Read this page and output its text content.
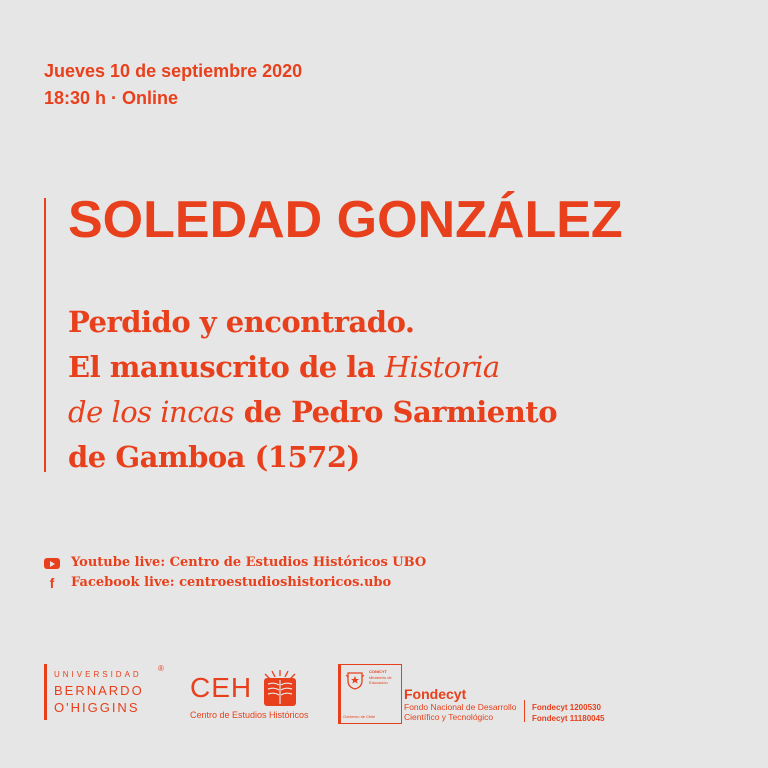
Jueves 10 de septiembre 2020
18:30 h · Online
SOLEDAD GONZÁLEZ
Perdido y encontrado.
El manuscrito de la Historia
de los incas de Pedro Sarmiento
de Gamboa (1572)
Youtube live: Centro de Estudios Históricos UBO
f	Facebook live: centroestudioshistoricos.ubo
UNIVERSIDAD
BERNARDO
O'HIGGINS
®
CEH
Centro de Estudios Históricos
CONICYT
Ministerio de Educación
Gobierno de Chile
Fondecyt
Fondo Nacional de Desarrollo
Científico y Tecnológico
Fondecyt 1200530
Fondecyt 11180045
